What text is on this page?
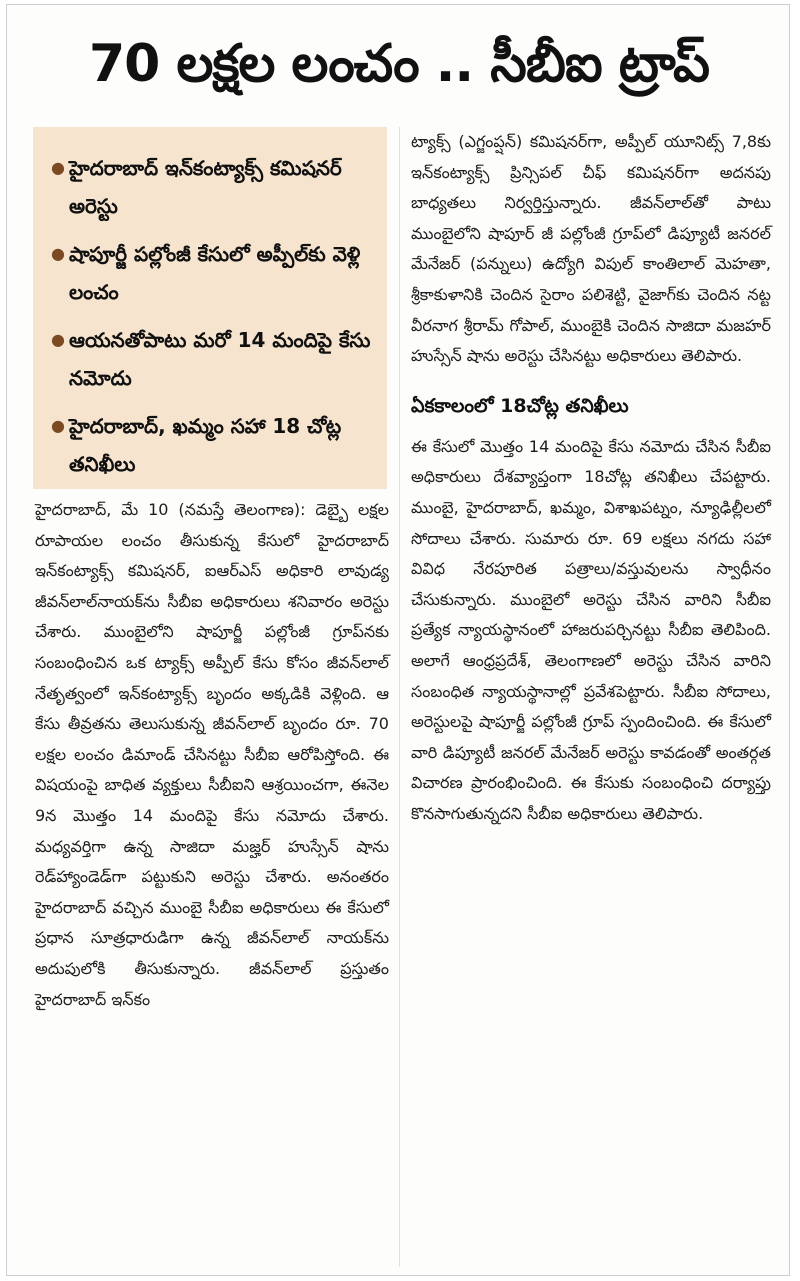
70 లక్షల లంచం .. సీబీఐ ట్రాప్
● హైదరాబాద్ ఇన్‌కంట్యాక్స్ కమిషనర్ అరెస్టు
● షాపూర్జీ పల్లోంజీ కేసులో అప్పీల్‌కు వెళ్లి లంచం
● ఆయనతోపాటు మరో 14 మందిపై కేసు నమోదు
● హైదరాబాద్, ఖమ్మం సహా 18 చోట్ల తనిఖీలు

హైదరాబాద్, మే 10 (నమస్తే తెలంగాణ): డెబ్బై లక్షల రూపాయల లంచం తీసుకున్న కేసులో హైదరాబాద్ ఇన్‌కంట్యాక్స్ కమిషనర్, ఐఆర్‌ఎస్ అధికారి లావుడ్య జీవన్‌లాల్‌నాయక్‌ను సీబీఐ అధికారులు శనివారం అరెస్టు చేశారు. ముంబైలోని షాపూర్జీ పల్లోంజీ గ్రూప్‌నకు సంబంధించిన ఒక ట్యాక్స్ అప్పీల్ కేసు కోసం జీవన్‌లాల్ నేతృత్వంలో ఇన్‌కంట్యాక్స్ బృందం అక్కడికి వెళ్లింది. ఆ కేసు తీవ్రతను తెలుసుకున్న జీవన్‌లాల్ బృందం రూ. 70 లక్షల లంచం డిమాండ్ చేసినట్టు సీబీఐ ఆరోపిస్తోంది. ఈ విషయంపై బాధిత వ్యక్తులు సీబీఐని ఆశ్రయించగా, ఈనెల 9న మొత్తం 14 మందిపై కేసు నమోదు చేశారు. మధ్యవర్తిగా ఉన్న సాజిదా మజ్హర్ హుస్సేన్ షాను రెడ్‌హ్యాండెడ్‌గా పట్టుకుని అరెస్టు చేశారు. అనంతరం హైదరాబాద్ వచ్చిన ముంబై సీబీఐ అధికారులు ఈ కేసులో ప్రధాన సూత్రధారుడిగా ఉన్న జీవన్‌లాల్ నాయక్‌ను అదుపులోకి తీసుకున్నారు. జీవన్‌లాల్ ప్రస్తుతం హైదరాబాద్ ఇన్‌కం

ట్యాక్స్ (ఎగ్జంప్షన్) కమిషనర్‌గా, అప్పీల్ యూనిట్స్ 7,8కు ఇన్‌కంట్యాక్స్ ప్రిన్సిపల్ చీఫ్ కమిషనర్‌గా అదనపు బాధ్యతలు నిర్వర్తిస్తున్నారు. జీవన్‌లాల్‌తో పాటు ముంబైలోని షాపూర్ జీ పల్లోంజీ గ్రూప్‌లో డిప్యూటీ జనరల్ మేనేజర్ (పన్నులు) ఉద్యోగి విపుల్ కాంతిలాల్ మెహతా, శ్రీకాకుళానికి చెందిన సైరాం పలిశెట్టి, వైజాగ్‌కు చెందిన నట్ట వీరనాగ శ్రీరామ్ గోపాల్, ముంబైకి చెందిన సాజిదా మజహర్ హుస్సేన్ షాను అరెస్టు చేసినట్టు అధికారులు తెలిపారు.

ఏకకాలంలో 18చోట్ల తనిఖీలు

ఈ కేసులో మొత్తం 14 మందిపై కేసు నమోదు చేసిన సీబీఐ అధికారులు దేశవ్యాప్తంగా 18చోట్ల తనిఖీలు చేపట్టారు. ముంబై, హైదరాబాద్, ఖమ్మం, విశాఖపట్నం, న్యూఢిల్లీలలో సోదాలు చేశారు. సుమారు రూ. 69 లక్షలు నగదు సహా వివిధ నేరపూరిత పత్రాలు/వస్తువులను స్వాధీనం చేసుకున్నారు. ముంబైలో అరెస్టు చేసిన వారిని సీబీఐ ప్రత్యేక న్యాయస్థానంలో హాజరుపర్చినట్టు సీబీఐ తెలిపింది. అలాగే ఆంధ్రప్రదేశ్, తెలంగాణలో అరెస్టు చేసిన వారిని సంబంధిత న్యాయస్థానాల్లో ప్రవేశపెట్టారు. సీబీఐ సోదాలు, అరెస్టులపై షాపూర్జీ పల్లోంజీ గ్రూప్ స్పందించింది. ఈ కేసులో వారి డిప్యూటీ జనరల్ మేనేజర్ అరెస్టు కావడంతో అంతర్గత విచారణ ప్రారంభించింది. ఈ కేసుకు సంబంధించి దర్యాప్తు కొనసాగుతున్నదని సీబీఐ అధికారులు తెలిపారు.
